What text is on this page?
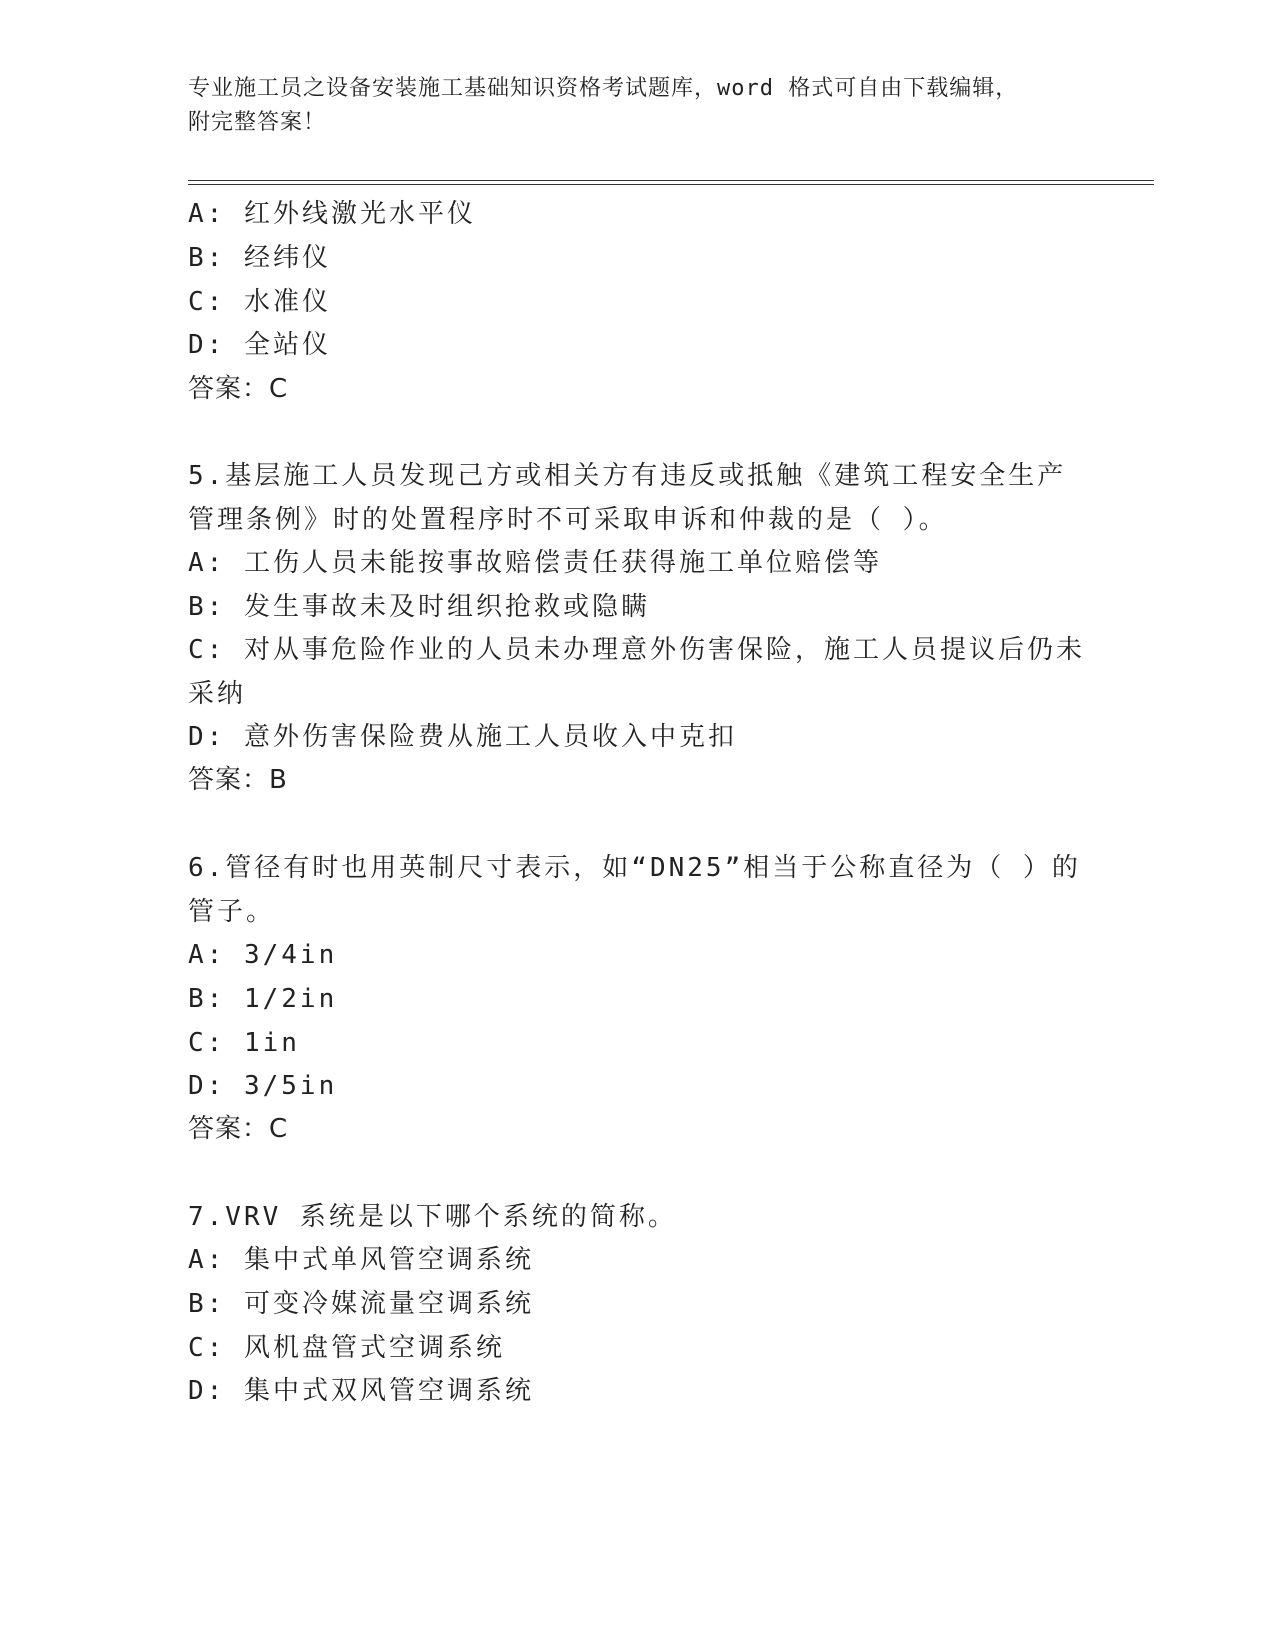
专业施工员之设备安装施工基础知识资格考试题库，word 格式可自由下载编辑，
附完整答案！
A: 红外线激光水平仪
B: 经纬仪
C: 水准仪
D: 全站仪
答案：C
5.基层施工人员发现己方或相关方有违反或抵触《建筑工程安全生产
管理条例》时的处置程序时不可采取申诉和仲裁的是（ ）。
A: 工伤人员未能按事故赔偿责任获得施工单位赔偿等
B: 发生事故未及时组织抢救或隐瞒
C: 对从事危险作业的人员未办理意外伤害保险，施工人员提议后仍未
采纳
D: 意外伤害保险费从施工人员收入中克扣
答案：B
6.管径有时也用英制尺寸表示，如“DN25”相当于公称直径为（ ）的
管子。
A: 3/4in
B: 1/2in
C: 1in
D: 3/5in
答案：C
7.VRV 系统是以下哪个系统的简称。
A: 集中式单风管空调系统
B: 可变冷媒流量空调系统
C: 风机盘管式空调系统
D: 集中式双风管空调系统
